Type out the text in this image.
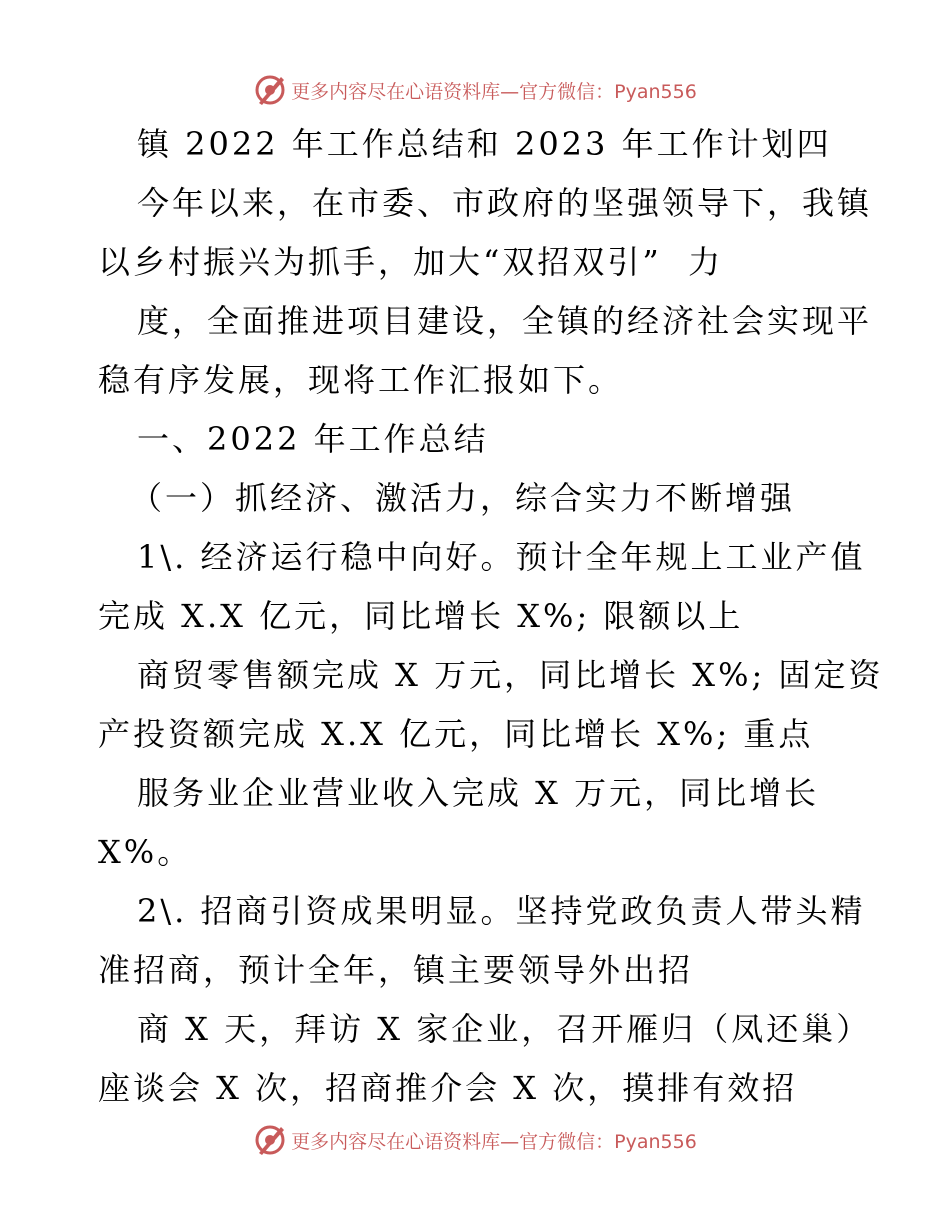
更多内容尽在心语资料库—官方微信：Pyan556
镇 2022 年工作总结和 2023 年工作计划四
今年以来，在市委、市政府的坚强领导下，我镇
以乡村振兴为抓手，加大“双招双引”  力
度，全面推进项目建设，全镇的经济社会实现平
稳有序发展，现将工作汇报如下。
一、2022 年工作总结
（一）抓经济、激活力，综合实力不断增强
1\. 经济运行稳中向好。预计全年规上工业产值
完成 X.X 亿元，同比增长 X%; 限额以上
商贸零售额完成 X 万元，同比增长 X%; 固定资
产投资额完成 X.X 亿元，同比增长 X%; 重点
服务业企业营业收入完成 X 万元，同比增长
X%。
2\. 招商引资成果明显。坚持党政负责人带头精
准招商，预计全年，镇主要领导外出招
商 X 天，拜访 X 家企业，召开雁归（凤还巢）
座谈会 X 次，招商推介会 X 次，摸排有效招
更多内容尽在心语资料库—官方微信：Pyan556
